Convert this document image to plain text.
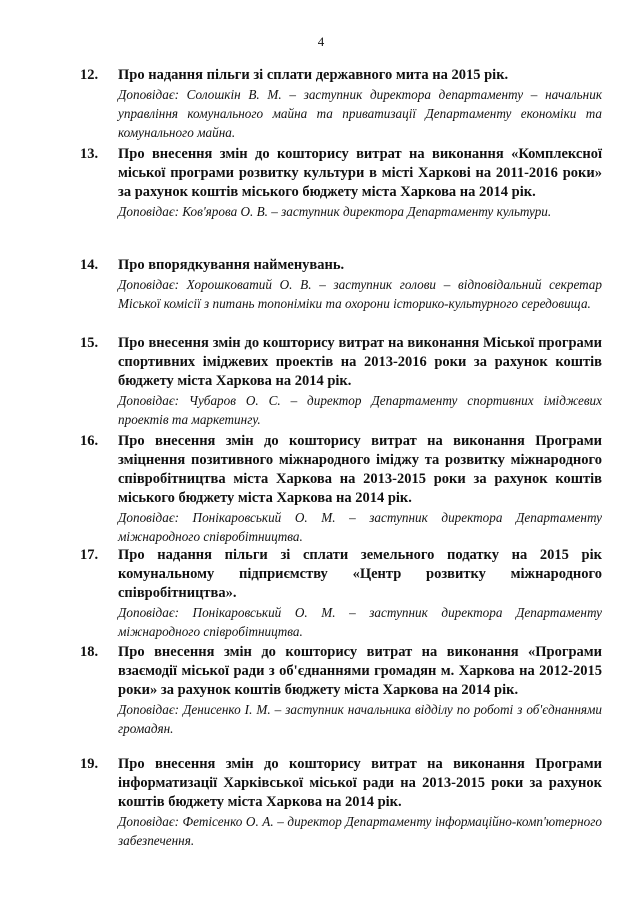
4
12. Про надання пільги зі сплати державного мита на 2015 рік.
Доповідає: Солошкін В. М. – заступник директора департаменту – начальник управління комунального майна та приватизації Департаменту економіки та комунального майна.
13. Про внесення змін до кошторису витрат на виконання «Комплексної міської програми розвитку культури в місті Харкові на 2011-2016 роки» за рахунок коштів міського бюджету міста Харкова на 2014 рік.
Доповідає: Ков'ярова О. В. – заступник директора Департаменту культури.
14. Про впорядкування найменувань.
Доповідає: Хорошкoватий О. В. – заступник голови – відповідальний секретар Міської комісії з питань топоніміки та охорони історико-культурного середовища.
15. Про внесення змін до кошторису витрат на виконання Міської програми спортивних іміджевих проектів на 2013-2016 роки за рахунок коштів бюджету міста Харкова на 2014 рік.
Доповідає: Чубаров О. С. – директор Департаменту спортивних іміджевих проектів та маркетингу.
16. Про внесення змін до кошторису витрат на виконання Програми зміцнення позитивного міжнародного іміджу та розвитку міжнародного співробітництва міста Харкова на 2013-2015 роки за рахунок коштів міського бюджету міста Харкова на 2014 рік.
Доповідає: Понікаровський О. М. – заступник директора Департаменту міжнародного співробітництва.
17. Про надання пільги зі сплати земельного податку на 2015 рік комунальному підприємству «Центр розвитку міжнародного співробітництва».
Доповідає: Понікаровський О. М. – заступник директора Департаменту міжнародного співробітництва.
18. Про внесення змін до кошторису витрат на виконання «Програми взаємодії міської ради з об'єднаннями громадян м. Харкова на 2012-2015 роки» за рахунок коштів бюджету міста Харкова на 2014 рік.
Доповідає: Денисенко І. М. – заступник начальника відділу по роботі з об'єднаннями громадян.
19. Про внесення змін до кошторису витрат на виконання Програми інформатизації Харківської міської ради на 2013-2015 роки за рахунок коштів бюджету міста Харкова на 2014 рік.
Доповідає: Фетісенко О. А. – директор Департаменту інформаційно-комп'ютерного забезпечення.
